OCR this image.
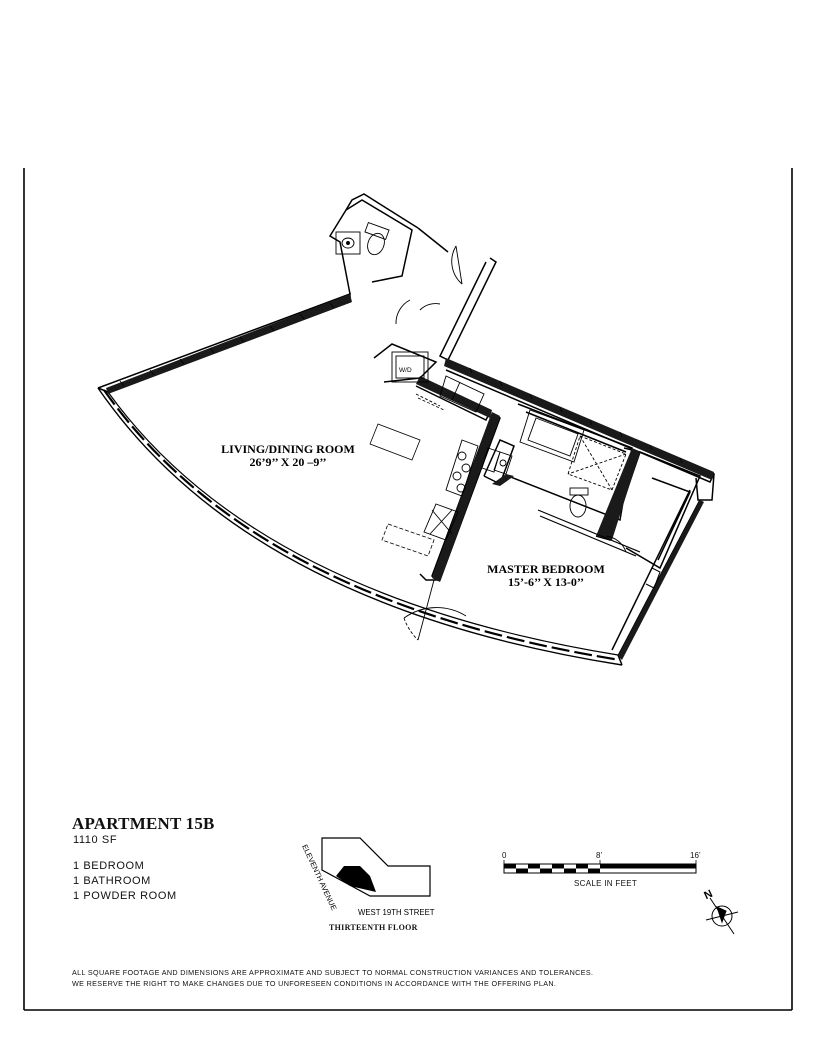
W/D
ELEVENTH AVENUE
WEST 19TH STREET
N
LIVING/DINING ROOM
26’9’’ X 20 –9’’
MASTER BEDROOM
15’-6’’ X 13-0’’
APARTMENT 15B
1110 SF
1 BEDROOM
1 BATHROOM
1 POWDER ROOM
THIRTEENTH FLOOR
0	8’	16’
SCALE IN FEET
ALL SQUARE FOOTAGE AND DIMENSIONS ARE APPROXIMATE AND SUBJECT TO NORMAL CONSTRUCTION VARIANCES AND TOLERANCES.
WE RESERVE THE RIGHT TO MAKE CHANGES DUE TO UNFORESEEN CONDITIONS IN ACCORDANCE WITH THE OFFERING PLAN.
